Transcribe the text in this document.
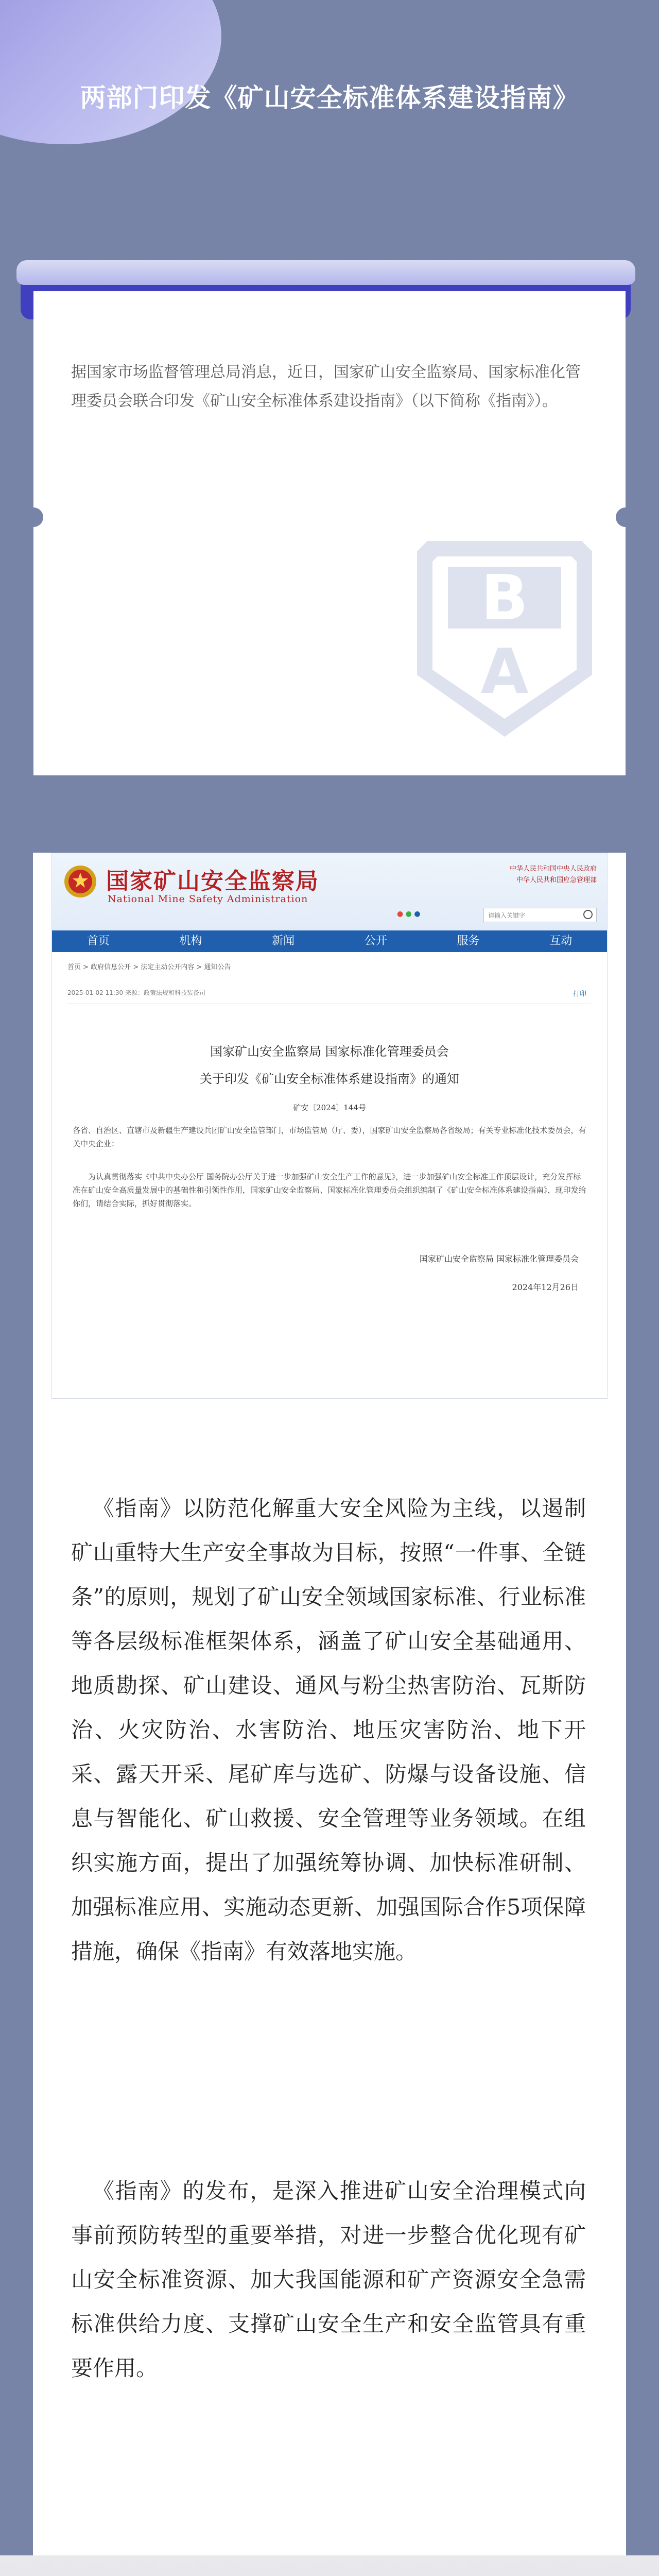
两部门印发《矿山安全标准体系建设指南》

据国家市场监督管理总局消息，近日，国家矿山安全监察局、国家标准化管理委员会联合印发《矿山安全标准体系建设指南》（以下简称《指南》）。

B
A
国家矿山安全监察局
National Mine Safety Administration
中华人民共和国中央人民政府
中华人民共和国应急管理部
● ● ●	请输入关键字
首页	机构	新闻	公开	服务	互动
首页 > 政府信息公开 > 法定主动公开内容 > 通知公告
2025-01-02 11:30 来源：政策法规和科技装备司	打印
国家矿山安全监察局 国家标准化管理委员会
关于印发《矿山安全标准体系建设指南》的通知
矿安〔2024〕144号

各省、自治区、直辖市及新疆生产建设兵团矿山安全监管部门，市场监管局（厅、委），国家矿山安全监察局各省级局；有关专业标准化技术委员会，有关中央企业：

为认真贯彻落实《中共中央办公厅 国务院办公厅关于进一步加强矿山安全生产工作的意见》，进一步加强矿山安全标准工作顶层设计，充分发挥标准在矿山安全高质量发展中的基础性和引领性作用，国家矿山安全监察局、国家标准化管理委员会组织编制了《矿山安全标准体系建设指南》，现印发给你们，请结合实际，抓好贯彻落实。

国家矿山安全监察局 国家标准化管理委员会
2024年12月26日

《指南》以防范化解重大安全风险为主线，以遏制矿山重特大生产安全事故为目标，按照“一件事、全链条”的原则，规划了矿山安全领域国家标准、行业标准等各层级标准框架体系，涵盖了矿山安全基础通用、地质勘探、矿山建设、通风与粉尘热害防治、瓦斯防治、火灾防治、水害防治、地压灾害防治、地下开采、露天开采、尾矿库与选矿、防爆与设备设施、信息与智能化、矿山救援、安全管理等业务领域。在组织实施方面，提出了加强统筹协调、加快标准研制、加强标准应用、实施动态更新、加强国际合作5项保障措施，确保《指南》有效落地实施。

《指南》的发布，是深入推进矿山安全治理模式向事前预防转型的重要举措，对进一步整合优化现有矿山安全标准资源、加大我国能源和矿产资源安全急需标准供给力度、支撑矿山安全生产和安全监管具有重要作用。
